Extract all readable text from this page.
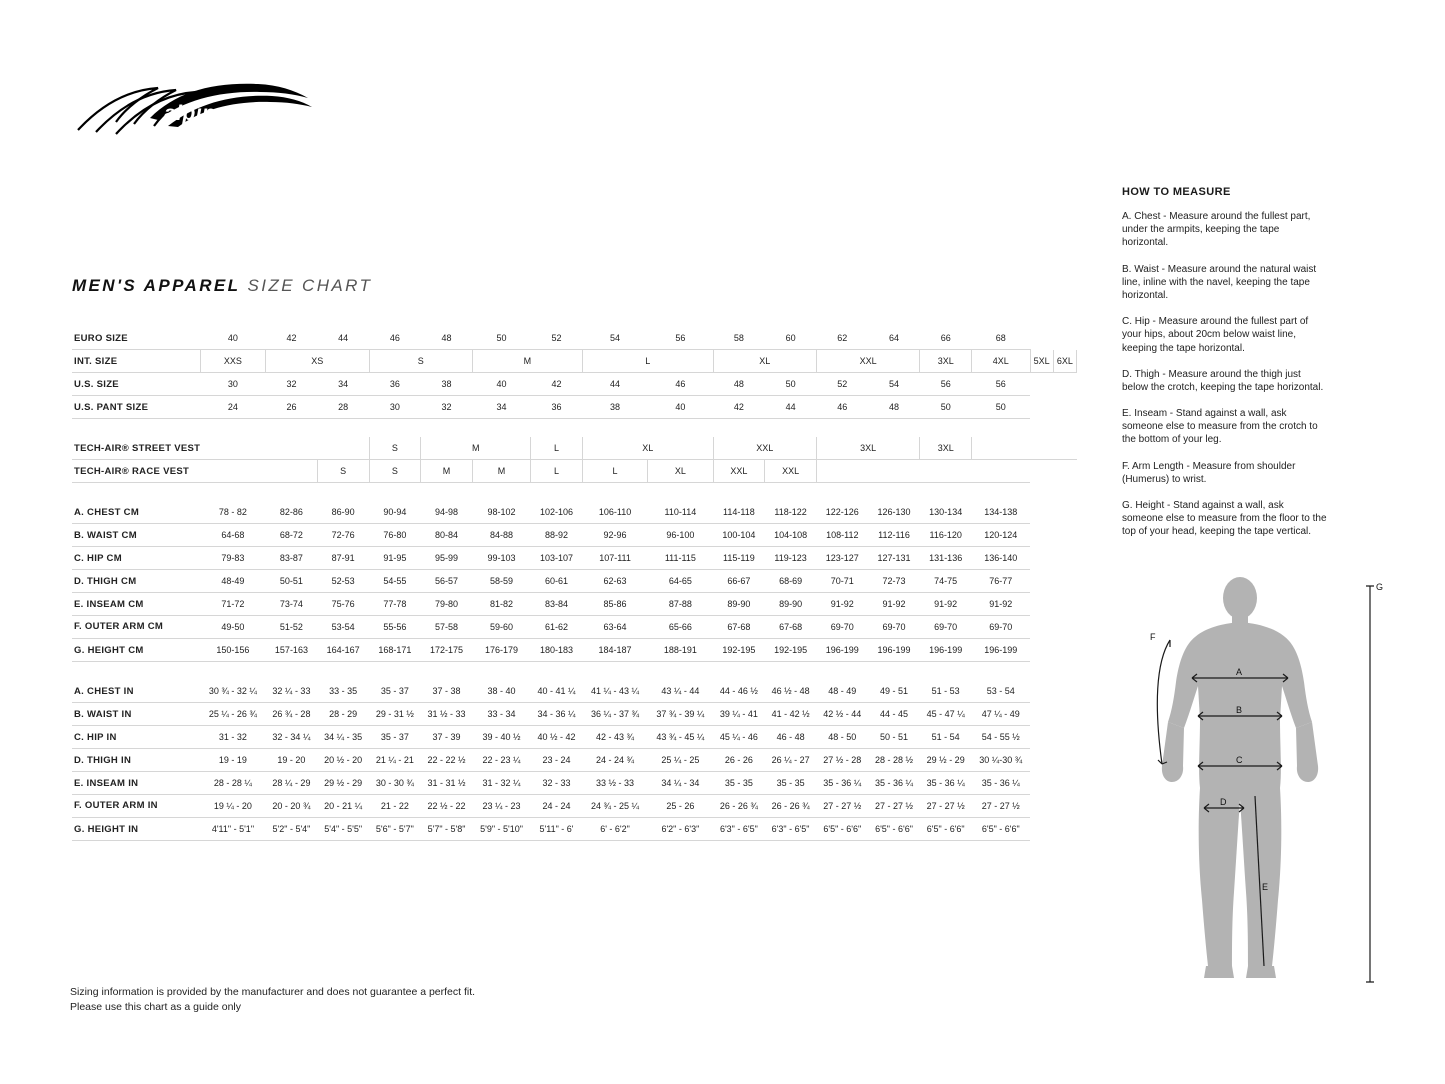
alpinestars
MEN'S APPAREL SIZE CHART
EURO SIZE	40	42	44	46	48	50	52	54	56	58	60	62	64	66	68		
INT. SIZE	XXS	XS		S		M		L		XL		XXL		3XL	4XL	5XL	6XL
U.S. SIZE	30	32	34	36	38	40	42	44	46	48	50	52	54	56	56		
U.S. PANT SIZE	24	26	28	30	32	34	36	38	40	42	44	46	48	50	50		

TECH-AIR® STREET VEST				S	M		L	XL		XXL		3XL		3XL			
TECH-AIR® RACE VEST			S	S	M	M	L	L	XL	XXL	XXL						

A. CHEST CM	78 - 82	82-86	86-90	90-94	94-98	98-102	102-106	106-110	110-114	114-118	118-122	122-126	126-130	130-134	134-138		
B. WAIST CM	64-68	68-72	72-76	76-80	80-84	84-88	88-92	92-96	96-100	100-104	104-108	108-112	112-116	116-120	120-124		
C. HIP CM	79-83	83-87	87-91	91-95	95-99	99-103	103-107	107-111	111-115	115-119	119-123	123-127	127-131	131-136	136-140		
D. THIGH CM	48-49	50-51	52-53	54-55	56-57	58-59	60-61	62-63	64-65	66-67	68-69	70-71	72-73	74-75	76-77		
E. INSEAM CM	71-72	73-74	75-76	77-78	79-80	81-82	83-84	85-86	87-88	89-90	89-90	91-92	91-92	91-92	91-92		
F. OUTER ARM CM	49-50	51-52	53-54	55-56	57-58	59-60	61-62	63-64	65-66	67-68	67-68	69-70	69-70	69-70	69-70		
G. HEIGHT CM	150-156	157-163	164-167	168-171	172-175	176-179	180-183	184-187	188-191	192-195	192-195	196-199	196-199	196-199	196-199		

A. CHEST IN	30 ¾ - 32 ¼	32 ¼ - 33	33 - 35	35 - 37	37 - 38	38 - 40	40 - 41 ¼	41 ¼ - 43 ¼	43 ¼ - 44	44 - 46 ½	46 ½ - 48	48 - 49	49 - 51	51 - 53	53 - 54		
B. WAIST IN	25 ¼ - 26 ¾	26 ¾ - 28	28 - 29	29 - 31 ½	31 ½ - 33	33 - 34	34 - 36 ¼	36 ¼ - 37 ¾	37 ¾ - 39 ¼	39 ¼ - 41	41 - 42 ½	42 ½ - 44	44 - 45	45 - 47 ¼	47 ¼ - 49		
C. HIP IN	31 - 32	32 - 34 ¼	34 ¼ - 35	35 - 37	37 - 39	39 - 40 ½	40 ½ - 42	42 - 43 ¾	43 ¾ - 45 ¼	45 ¼ - 46	46 - 48	48 - 50	50 - 51	51 - 54	54 - 55 ½		
D. THIGH IN	19 - 19	19 - 20	20 ½ - 20	21 ¼ - 21	22 - 22 ½	22 - 23 ¼	23 - 24	24 - 24 ¾	25 ¼ - 25	26 - 26	26 ¼ - 27	27 ½ - 28	28 - 28 ½	29 ½ - 29	30 ¼-30 ¾		
E. INSEAM IN	28 - 28 ¼	28 ¼ - 29	29 ½ - 29	30 - 30 ¾	31 - 31 ½	31 - 32 ¼	32 - 33	33 ½ - 33	34 ¼ - 34	35 - 35	35 - 35	35 - 36 ¼	35 - 36 ¼	35 - 36 ¼	35 - 36 ¼		
F. OUTER ARM IN	19 ¼ - 20	20 - 20 ¾	20 - 21 ¼	21 - 22	22 ½ - 22	23 ¼ - 23	24 - 24	24 ¾ - 25 ¼	25 - 26	26 - 26 ¾	26 - 26 ¾	27 - 27 ½	27 - 27 ½	27 - 27 ½	27 - 27 ½		
G. HEIGHT IN	4'11" - 5'1"	5'2" - 5'4"	5'4" - 5'5"	5'6" - 5'7"	5'7" - 5'8"	5'9" - 5'10"	5'11" - 6'	6' - 6'2"	6'2" - 6'3"	6'3" - 6'5"	6'3" - 6'5"	6'5" - 6'6"	6'5" - 6'6"	6'5" - 6'6"	6'5" - 6'6"		
Sizing information is provided by the manufacturer and does not guarantee a perfect fit.
Please use this chart as a guide only
HOW TO MEASURE

A. Chest - Measure around the fullest part, under the armpits, keeping the tape horizontal.

B. Waist - Measure around the natural waist line, inline with the navel, keeping the tape horizontal.

C. Hip - Measure around the fullest part of your hips, about 20cm below waist line, keeping the tape horizontal.

D. Thigh - Measure around the thigh just below the crotch, keeping the tape horizontal.

E. Inseam - Stand against a wall, ask someone else to measure from the crotch to the bottom of your leg.

F. Arm Length - Measure from shoulder (Humerus) to wrist.

G. Height - Stand against a wall, ask someone else to measure from the floor to the top of your head, keeping the tape vertical.

A
B
C
D
E
F
G
